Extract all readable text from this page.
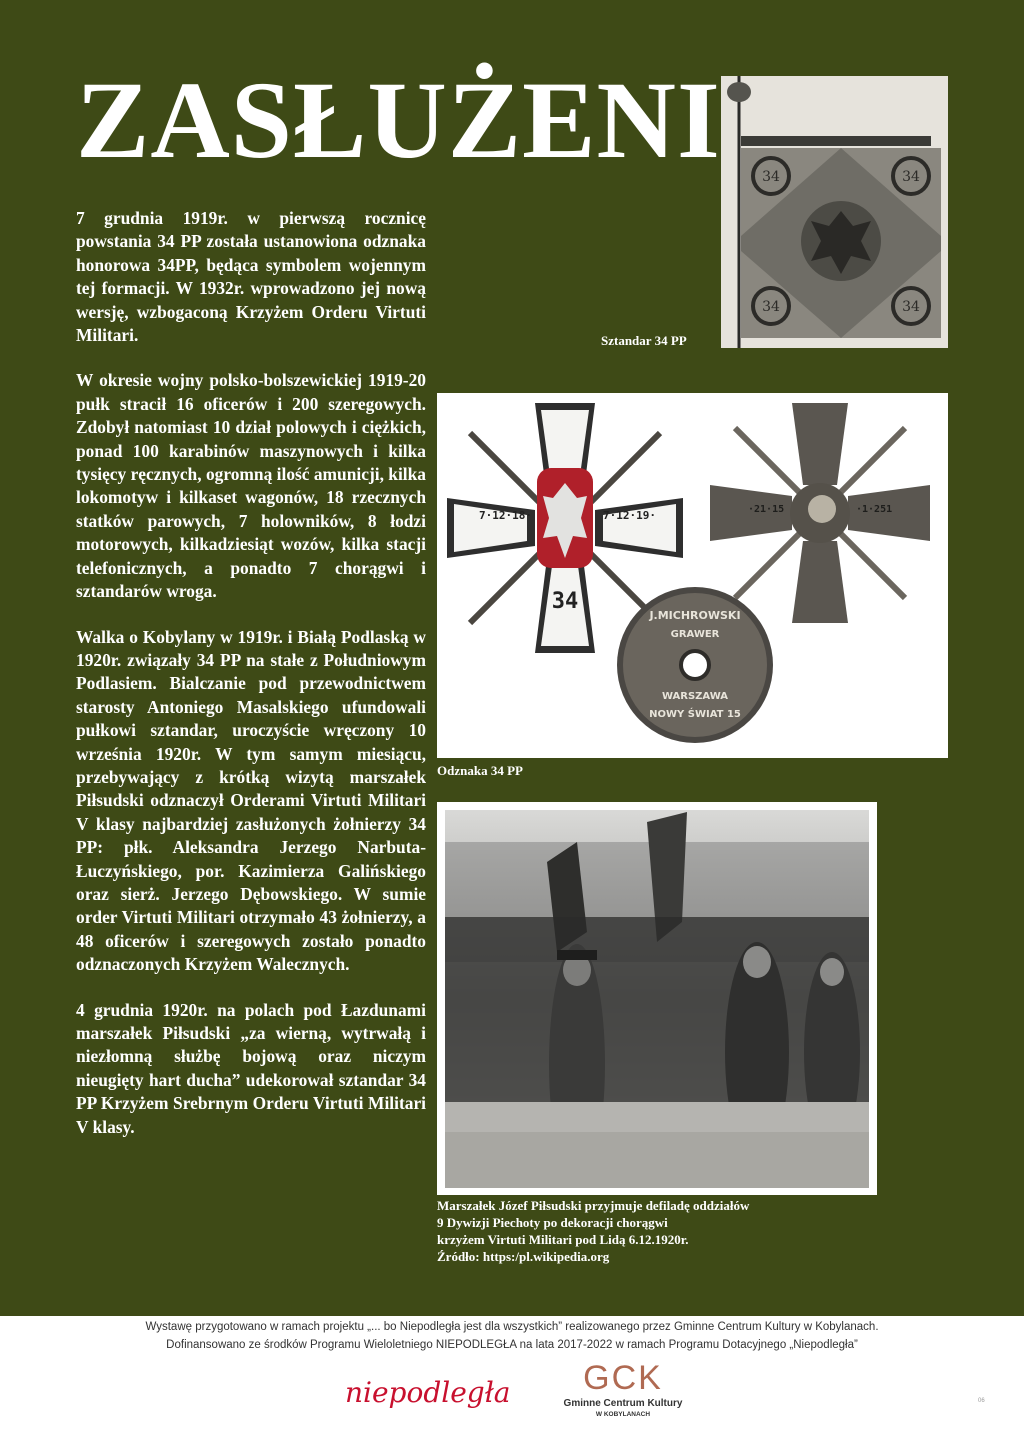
ZASŁUŻENI

7 grudnia 1919r. w pierwszą rocznicę powstania 34 PP została ustanowiona odznaka honorowa 34PP, będąca symbolem wojennym tej formacji. W 1932r. wprowadzono jej nową wersję, wzbogaconą Krzyżem Orderu Virtuti Militari.

W okresie wojny polsko-bolszewickiej 1919-20 pułk stracił 16 oficerów i 200 szeregowych. Zdobył natomiast 10 dział polowych i ciężkich, ponad 100 karabinów maszynowych i kilka tysięcy ręcznych, ogromną ilość amunicji, kilka lokomotyw i kilkaset wagonów, 18 rzecznych statków parowych, 7 holowników, 8 łodzi motorowych, kilkadziesiąt wozów, kilka stacji telefonicznych, a ponadto 7 chorągwi i sztandarów wroga.

Walka o Kobylany w 1919r. i Białą Podlaską w 1920r. związały 34 PP na stałe z Południowym Podlasiem. Bialczanie pod przewodnictwem starosty Antoniego Masalskiego ufundowali pułkowi sztandar, uroczyście wręczony 10 września 1920r. W tym samym miesiącu, przebywający z krótką wizytą marszałek Piłsudski odznaczył Orderami Virtuti Militari V klasy najbardziej zasłużonych żołnierzy 34 PP: płk. Aleksandra Jerzego Narbuta-Łuczyńskiego, por. Kazimierza Galińskiego oraz sierż. Jerzego Dębowskiego. W sumie order Virtuti Militari otrzymało 43 żołnierzy, a 48 oficerów i szeregowych zostało ponadto odznaczonych Krzyżem Walecznych.

4 grudnia 1920r. na polach pod Łazdunami marszałek Piłsudski „za wierną, wytrwałą i niezłomną służbę bojową oraz niczym nieugięty hart ducha” udekorował sztandar 34 PP Krzyżem Srebrnym Orderu Virtuti Militari V klasy.

34	34
34	34

Sztandar 34 PP

7·12·18·	7·12·19·
34
·21·15	·1·251
J.MICHROWSKI
GRAWER
WARSZAWA
NOWY ŚWIAT 15

Odznaka 34 PP

Marszałek Józef Piłsudski przyjmuje defiladę oddziałów
9 Dywizji Piechoty po dekoracji chorągwi
krzyżem Virtuti Militari pod Lidą 6.12.1920r.
Źródło: https:/pl.wikipedia.org
Wystawę przygotowano w ramach projektu „... bo Niepodległa jest dla wszystkich” realizowanego przez Gminne Centrum Kultury w Kobylanach.
Dofinansowano ze środków Programu Wieloletniego NIEPODLEGŁA na lata 2017-2022 w ramach Programu Dotacyjnego „Niepodległa”
niepodległa	GCK
Gminne Centrum Kultury
W KOBYLANACH
06
